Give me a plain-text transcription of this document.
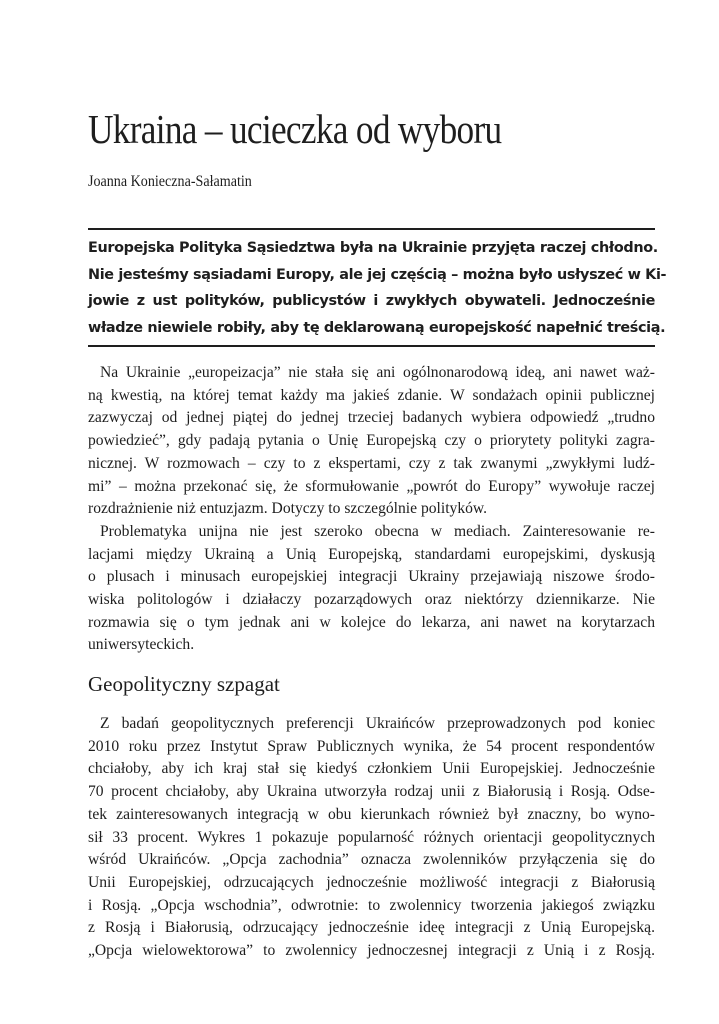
Ukraina – ucieczka od wyboru
Joanna Konieczna-Sałamatin
Europejska Polityka Sąsiedztwa była na Ukrainie przyjęta raczej chłodno.
Nie jesteśmy sąsiadami Europy, ale jej częścią – można było usłyszeć w Ki-
jowie z ust polityków, publicystów i zwykłych obywateli. Jednocześnie
władze niewiele robiły, aby tę deklarowaną europejskość napełnić treścią.
Na Ukrainie „europeizacja” nie stała się ani ogólnonarodową ideą, ani nawet waż-
ną kwestią, na której temat każdy ma jakieś zdanie. W sondażach opinii publicznej
zazwyczaj od jednej piątej do jednej trzeciej badanych wybiera odpowiedź „trudno
powiedzieć”, gdy padają pytania o Unię Europejską czy o priorytety polityki zagra-
nicznej. W rozmowach – czy to z ekspertami, czy z tak zwanymi „zwykłymi ludź-
mi” – można przekonać się, że sformułowanie „powrót do Europy” wywołuje raczej
rozdrażnienie niż entuzjazm. Dotyczy to szczególnie polityków.
Problematyka unijna nie jest szeroko obecna w mediach. Zainteresowanie re-
lacjami między Ukrainą a Unią Europejską, standardami europejskimi, dyskusją
o plusach i minusach europejskiej integracji Ukrainy przejawiają niszowe środo-
wiska politologów i działaczy pozarządowych oraz niektórzy dziennikarze. Nie
rozmawia się o tym jednak ani w kolejce do lekarza, ani nawet na korytarzach
uniwersyteckich.
Geopolityczny szpagat
Z badań geopolitycznych preferencji Ukraińców przeprowadzonych pod koniec
2010 roku przez Instytut Spraw Publicznych wynika, że 54 procent respondentów
chciałoby, aby ich kraj stał się kiedyś członkiem Unii Europejskiej. Jednocześnie
70 procent chciałoby, aby Ukraina utworzyła rodzaj unii z Białorusią i Rosją. Odse-
tek zainteresowanych integracją w obu kierunkach również był znaczny, bo wyno-
sił 33 procent. Wykres 1 pokazuje popularność różnych orientacji geopolitycznych
wśród Ukraińców. „Opcja zachodnia” oznacza zwolenników przyłączenia się do
Unii Europejskiej, odrzucających jednocześnie możliwość integracji z Białorusią
i Rosją. „Opcja wschodnia”, odwrotnie: to zwolennicy tworzenia jakiegoś związku
z Rosją i Białorusią, odrzucający jednocześnie ideę integracji z Unią Europejską.
„Opcja wielowektorowa” to zwolennicy jednoczesnej integracji z Unią i z Rosją.
